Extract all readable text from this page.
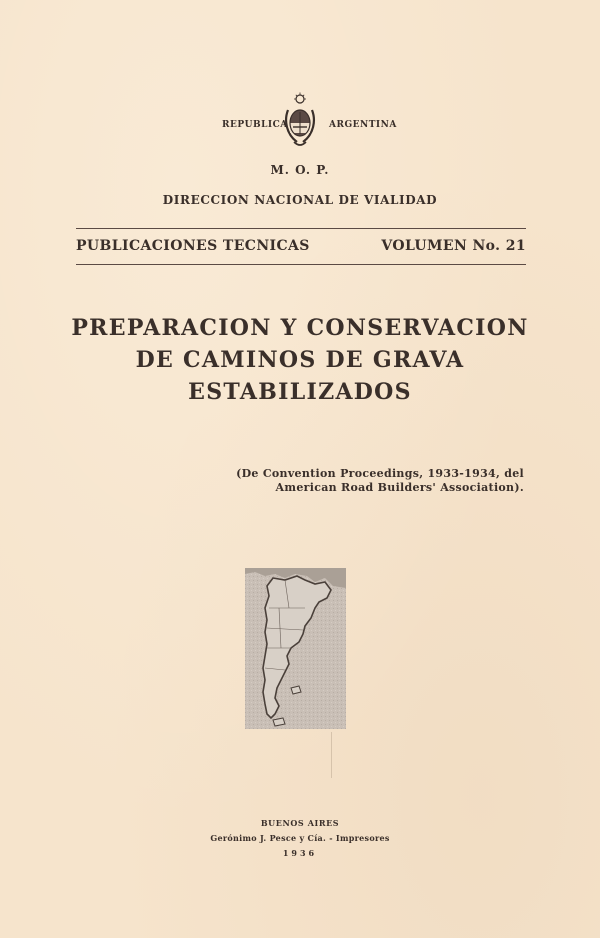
REPUBLICA	ARGENTINA
M. O. P.
DIRECCION NACIONAL DE VIALIDAD
PUBLICACIONES TECNICAS	VOLUMEN No. 21
PREPARACION Y CONSERVACION
DE CAMINOS DE GRAVA
ESTABILIZADOS
(De Convention Proceedings, 1933-1934, del
American Road Builders' Association).
BUENOS AIRES
Gerónimo J. Pesce y Cía. - Impresores
1936
